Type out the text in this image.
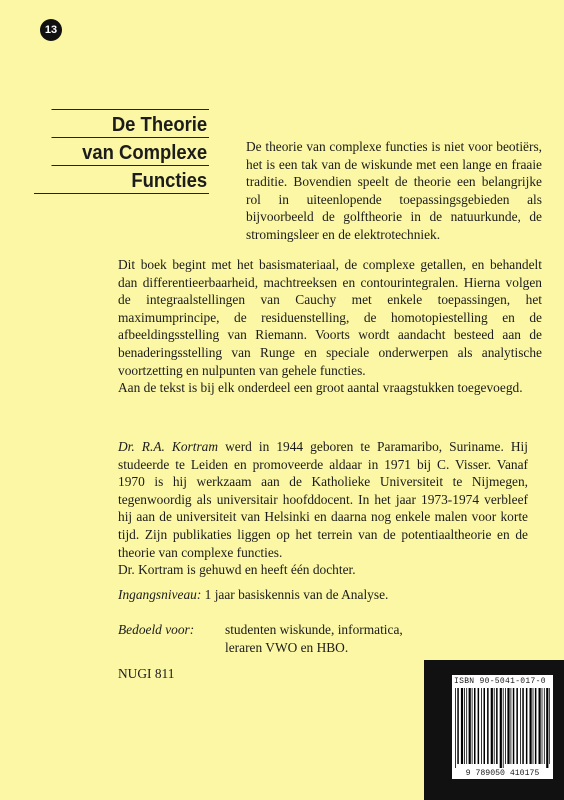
13
De Theorie
van Complexe
Functies

De theorie van complexe functies is niet voor beotiërs, het is een tak van de wiskunde met een lange en fraaie traditie. Bovendien speelt de theorie een belangrijke rol in uiteenlopende toepassingsgebieden als bijvoorbeeld de golftheorie in de natuurkunde, de stromingsleer en de elektrotechniek.

Dit boek begint met het basismateriaal, de complexe getallen, en behandelt dan differentieerbaarheid, machtreeksen en contourintegralen. Hierna volgen de integraalstellingen van Cauchy met enkele toepassingen, het maximumprincipe, de residuenstelling, de homotopiestelling en de afbeeldingsstelling van Riemann. Voorts wordt aandacht besteed aan de benaderingsstelling van Runge en speciale onderwerpen als analytische voortzetting en nulpunten van gehele functies.

Aan de tekst is bij elk onderdeel een groot aantal vraagstukken toegevoegd.

Dr. R.A. Kortram werd in 1944 geboren te Paramaribo, Suriname. Hij studeerde te Leiden en promoveerde aldaar in 1971 bij C. Visser. Vanaf 1970 is hij werkzaam aan de Katholieke Universiteit te Nijmegen, tegenwoordig als universitair hoofddocent. In het jaar 1973-1974 verbleef hij aan de universiteit van Helsinki en daarna nog enkele malen voor korte tijd. Zijn publikaties liggen op het terrein van de potentiaaltheorie en de theorie van complexe functies.

Dr. Kortram is gehuwd en heeft één dochter.

Ingangsniveau: 1 jaar basiskennis van de Analyse.
Bedoeld voor: studenten wiskunde, informatica,
leraren VWO en HBO.
NUGI 811
ISBN 90-5041-017-0
9 789050 410175
